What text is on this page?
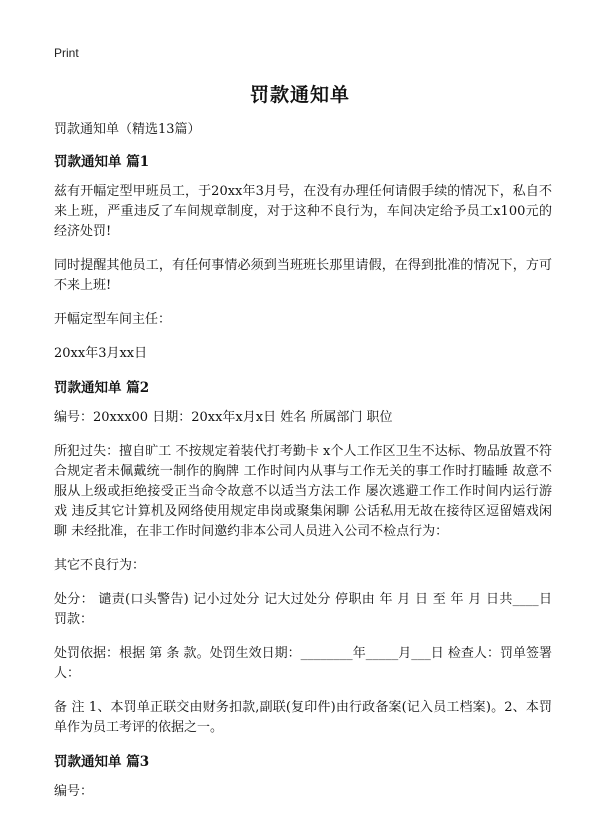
Print
罚款通知单
罚款通知单（精选13篇）
罚款通知单 篇1

兹有开幅定型甲班员工，于20xx年3月号，在没有办理任何请假手续的情况下，私自不来上班，严重违反了车间规章制度，对于这种不良行为，车间决定给予员工x100元的经济处罚!

同时提醒其他员工，有任何事情必须到当班班长那里请假，在得到批准的情况下，方可不来上班!

开幅定型车间主任：

20xx年3月xx日

罚款通知单 篇2

编号：20xxx00 日期：20xx年x月x日 姓名 所属部门 职位

所犯过失：擅自旷工 不按规定着装代打考勤卡 x个人工作区卫生不达标、物品放置不符合规定者未佩戴统一制作的胸牌 工作时间内从事与工作无关的事工作时打瞌睡 故意不服从上级或拒绝接受正当命令故意不以适当方法工作 屡次逃避工作工作时间内运行游戏 违反其它计算机及网络使用规定串岗或聚集闲聊 公话私用无故在接待区逗留嬉戏闲聊 未经批准，在非工作时间邀约非本公司人员进入公司不检点行为：

其它不良行为：

处分： 谴责(口头警告) 记小过处分 记大过处分 停职由 年 月 日 至 年 月 日共____日 罚款：

处罚依据：根据 第 条 款。处罚生效日期：________年_____月___日 检查人：罚单签署人：

备 注 1、本罚单正联交由财务扣款,副联(复印件)由行政备案(记入员工档案)。2、本罚单作为员工考评的依据之一。

罚款通知单 篇3

编号：
